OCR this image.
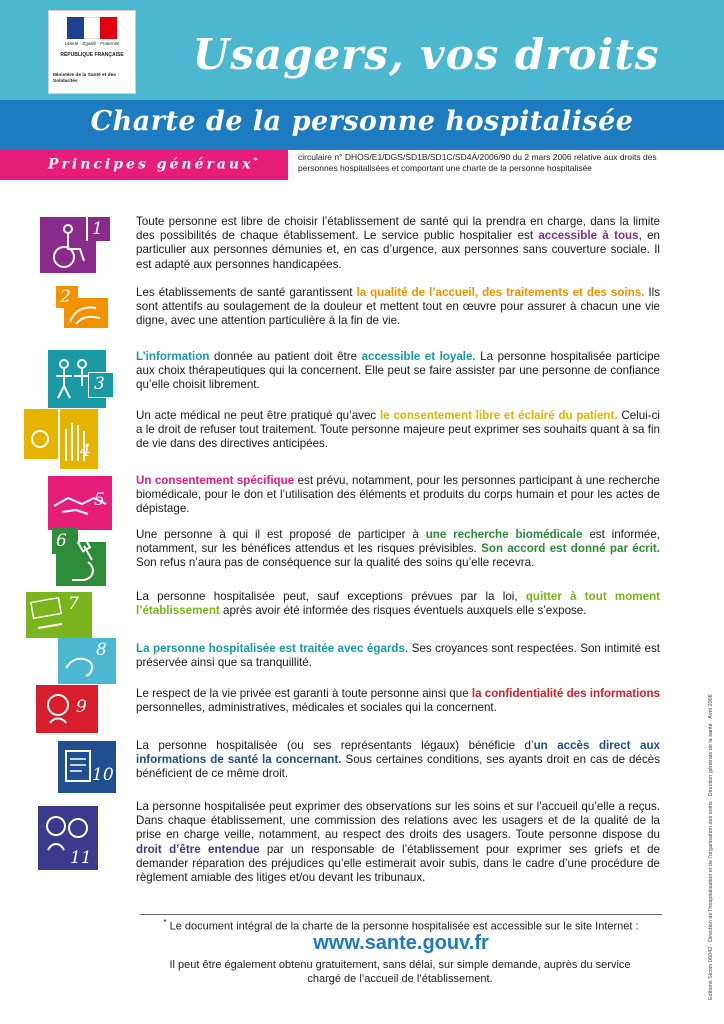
Liberté · Égalité · Fraternité
RÉPUBLIQUE FRANÇAISE
Ministère de la Santé et des Solidarités
Usagers, vos droits
Charte de la personne hospitalisée
Principes généraux*	circulaire n° DHOS/E1/DGS/SD1B/SD1C/SD4A/2006/90 du 2 mars 2006 relative aux droits des personnes hospitalisées et comportant une charte de la personne hospitalisée
1	Toute personne est libre de choisir l’établissement de santé qui la prendra en charge, dans la limite des possibilités de chaque établissement. Le service public hospitalier est accessible à tous, en particulier aux personnes démunies et, en cas d’urgence, aux personnes sans couverture sociale. Il est adapté aux personnes handicapées.
2	Les établissements de santé garantissent la qualité de l’accueil, des traitements et des soins. Ils sont attentifs au soulagement de la douleur et mettent tout en œuvre pour assurer à chacun une vie digne, avec une attention particulière à la fin de vie.
3
L’information donnée au patient doit être accessible et loyale. La personne hospitalisée participe aux choix thérapeutiques qui la concernent. Elle peut se faire assister par une personne de confiance qu’elle choisit librement.
4
Un acte médical ne peut être pratiqué qu’avec le consentement libre et éclairé du patient. Celui-ci a le droit de refuser tout traitement. Toute personne majeure peut exprimer ses souhaits quant à sa fin de vie dans des directives anticipées.
5
Un consentement spécifique est prévu, notamment, pour les personnes participant à une recherche biomédicale, pour le don et l’utilisation des éléments et produits du corps humain et pour les actes de dépistage.
6	Une personne à qui il est proposé de participer à une recherche biomédicale est informée, notamment, sur les bénéfices attendus et les risques prévisibles. Son accord est donné par écrit. Son refus n’aura pas de conséquence sur la qualité des soins qu’elle recevra.
7	La personne hospitalisée peut, sauf exceptions prévues par la loi, quitter à tout moment l’établissement après avoir été informée des risques éventuels auxquels elle s’expose.
8	La personne hospitalisée est traitée avec égards. Ses croyances sont respectées. Son intimité est préservée ainsi que sa tranquillité.
9
Le respect de la vie privée est garanti à toute personne ainsi que la confidentialité des informations personnelles, administratives, médicales et sociales qui la concernent.
10
La personne hospitalisée (ou ses représentants légaux) bénéficie d’un accès direct aux informations de santé la concernant. Sous certaines conditions, ses ayants droit en cas de décès bénéficient de ce même droit.
11
La personne hospitalisée peut exprimer des observations sur les soins et sur l’accueil qu’elle a reçus. Dans chaque établissement, une commission des relations avec les usagers et de la qualité de la prise en charge veille, notamment, au respect des droits des usagers. Toute personne dispose du droit d’être entendue par un responsable de l’établissement pour exprimer ses griefs et de demander réparation des préjudices qu’elle estimerait avoir subis, dans le cadre d’une procédure de règlement amiable des litiges et/ou devant les tribunaux.
* Le document intégral de la charte de la personne hospitalisée est accessible sur le site Internet :
www.sante.gouv.fr
Il peut être également obtenu gratuitement, sans délai, sur simple demande, auprès du service chargé de l’accueil de l’établissement.	Éditions Sicom 06042 · Direction de l’hospitalisation et de l’organisation des soins · Direction générale de la santé · Avril 2006
